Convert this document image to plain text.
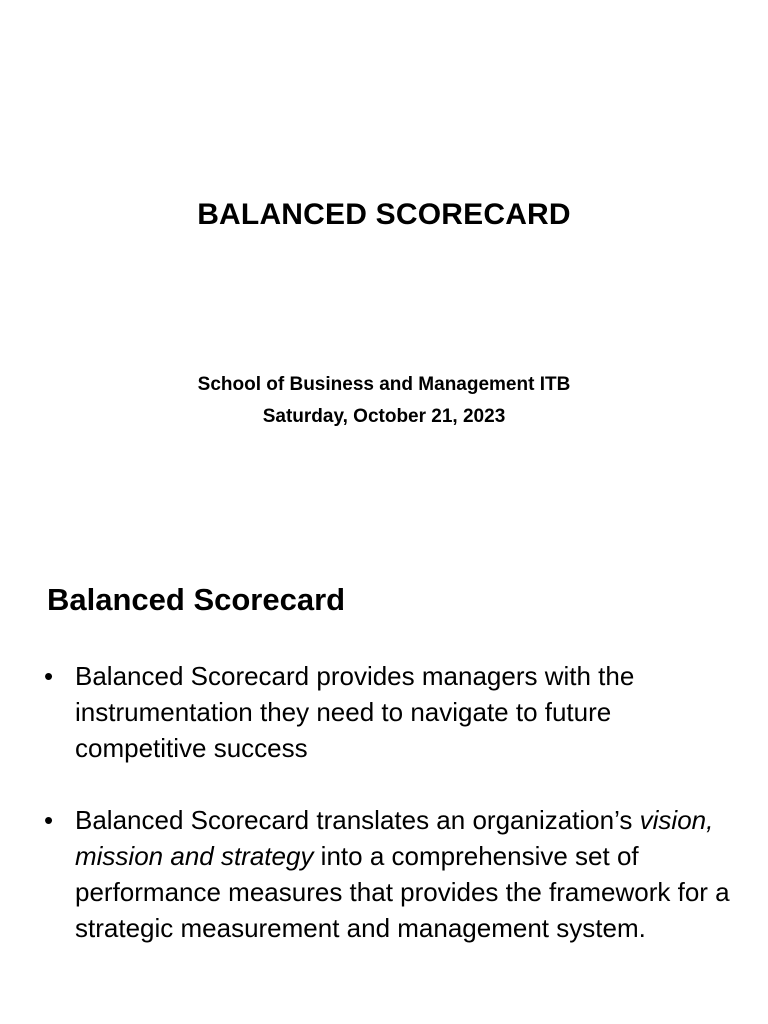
BALANCED SCORECARD
School of Business and Management ITB
Saturday, October 21, 2023
Balanced Scorecard
• Balanced Scorecard provides managers with the instrumentation they need to navigate to future competitive success
• Balanced Scorecard translates an organization’s vision, mission and strategy into a comprehensive set of performance measures that provides the framework for a strategic measurement and management system.
